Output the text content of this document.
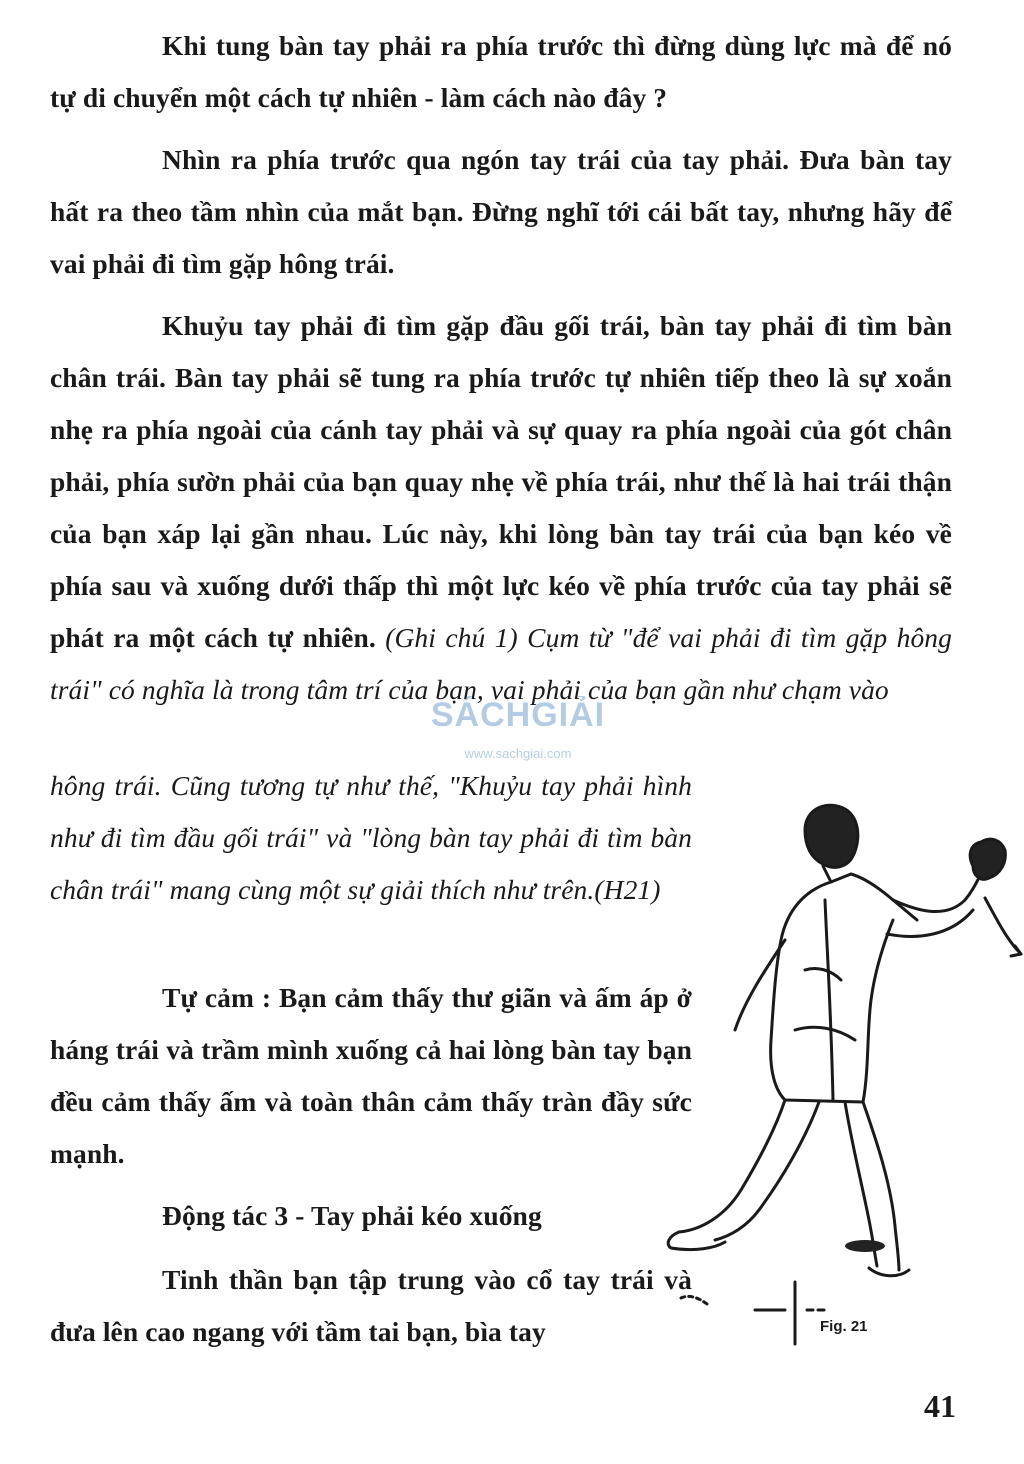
Khi tung bàn tay phải ra phía trước thì đừng dùng lực mà để nó tự di chuyển một cách tự nhiên - làm cách nào đây ?

Nhìn ra phía trước qua ngón tay trái của tay phải. Đưa bàn tay hất ra theo tầm nhìn của mắt bạn. Đừng nghĩ tới cái bất tay, nhưng hãy để vai phải đi tìm gặp hông trái.

Khuỷu tay phải đi tìm gặp đầu gối trái, bàn tay phải đi tìm bàn chân trái. Bàn tay phải sẽ tung ra phía trước tự nhiên tiếp theo là sự xoắn nhẹ ra phía ngoài của cánh tay phải và sự quay ra phía ngoài của gót chân phải, phía sườn phải của bạn quay nhẹ về phía trái, như thế là hai trái thận của bạn xáp lại gần nhau. Lúc này, khi lòng bàn tay trái của bạn kéo về phía sau và xuống dưới thấp thì một lực kéo về phía trước của tay phải sẽ phát ra một cách tự nhiên. (Ghi chú 1) Cụm từ "để vai phải đi tìm gặp hông trái" có nghĩa là trong tâm trí của bạn, vai phải của bạn gần như chạm vào

hông trái. Cũng tương tự như thế, "Khuỷu tay phải hình như đi tìm đầu gối trái" và "lòng bàn tay phải đi tìm bàn chân trái" mang cùng một sự giải thích như trên.(H21)

Tự cảm : Bạn cảm thấy thư giãn và ấm áp ở háng trái và trầm mình xuống cả hai lòng bàn tay bạn đều cảm thấy ấm và toàn thân cảm thấy tràn đầy sức mạnh.

Động tác 3 - Tay phải kéo xuống

Tinh thần bạn tập trung vào cổ tay trái và đưa lên cao ngang với tầm tai bạn, bìa tay

SÁCHGIẢI
www.sachgiai.com
Fig. 21
41
